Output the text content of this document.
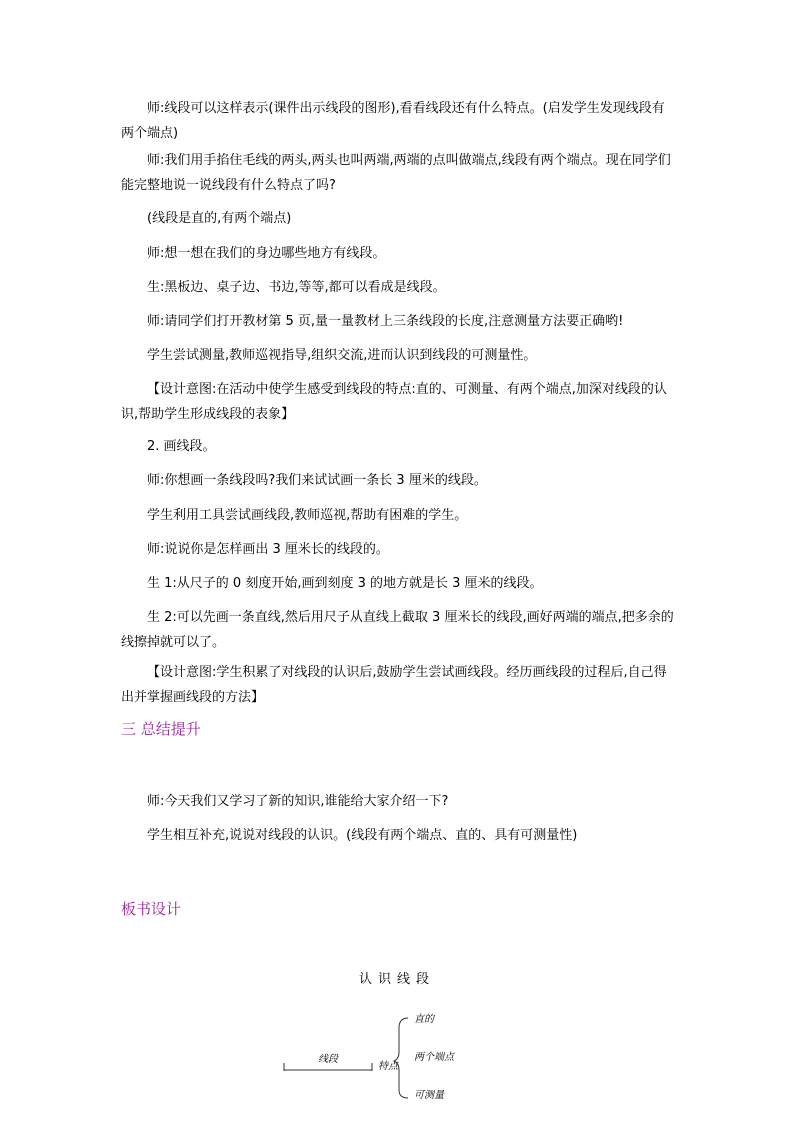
师:线段可以这样表示(课件出示线段的图形),看看线段还有什么特点。(启发学生发现线段有两个端点)

师:我们用手掐住毛线的两头,两头也叫两端,两端的点叫做端点,线段有两个端点。现在同学们能完整地说一说线段有什么特点了吗?

(线段是直的,有两个端点)

师:想一想在我们的身边哪些地方有线段。

生:黑板边、桌子边、书边,等等,都可以看成是线段。

师:请同学们打开教材第 5 页,量一量教材上三条线段的长度,注意测量方法要正确哟!

学生尝试测量,教师巡视指导,组织交流,进而认识到线段的可测量性。

【设计意图:在活动中使学生感受到线段的特点:直的、可测量、有两个端点,加深对线段的认识,帮助学生形成线段的表象】

2. 画线段。

师:你想画一条线段吗?我们来试试画一条长 3 厘米的线段。

学生利用工具尝试画线段,教师巡视,帮助有困难的学生。

师:说说你是怎样画出 3 厘米长的线段的。

生 1:从尺子的 0 刻度开始,画到刻度 3 的地方就是长 3 厘米的线段。

生 2:可以先画一条直线,然后用尺子从直线上截取 3 厘米长的线段,画好两端的端点,把多余的线擦掉就可以了。

【设计意图:学生积累了对线段的认识后,鼓励学生尝试画线段。经历画线段的过程后,自己得出并掌握画线段的方法】

三 总结提升

师:今天我们又学习了新的知识,谁能给大家介绍一下?

学生相互补充,说说对线段的认识。(线段有两个端点、直的、具有可测量性)

板书设计

认识线段
线段
特点
直的
两个端点
可测量
